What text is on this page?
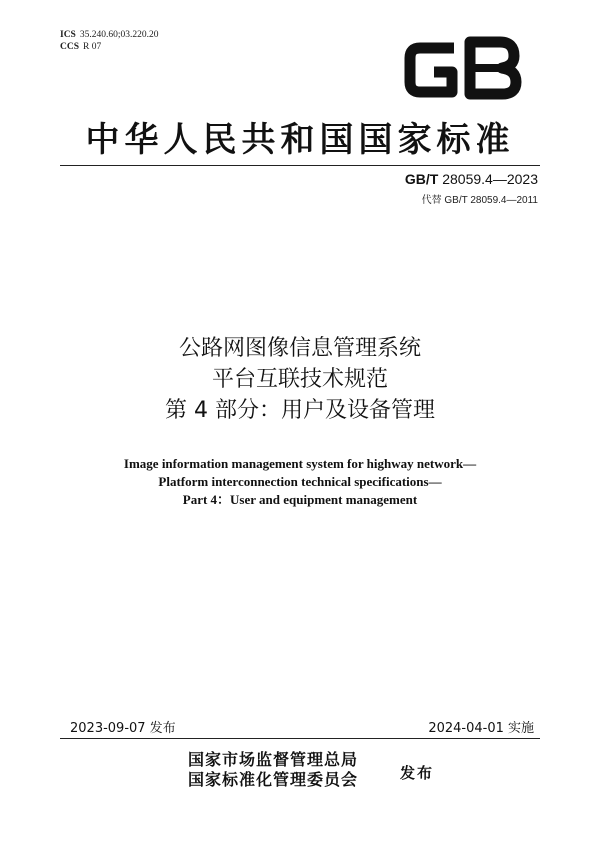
ICS 35.240.60;03.220.20
CCS R 07
中华人民共和国国家标准
GB/T 28059.4—2023
代替 GB/T 28059.4—2011
公路网图像信息管理系统
平台互联技术规范
第 4 部分：用户及设备管理
Image information management system for highway network—
Platform interconnection technical specifications—
Part 4：User and equipment management
2023-09-07 发布	2024-04-01 实施
国家市场监督管理总局
国家标准化管理委员会	发布
